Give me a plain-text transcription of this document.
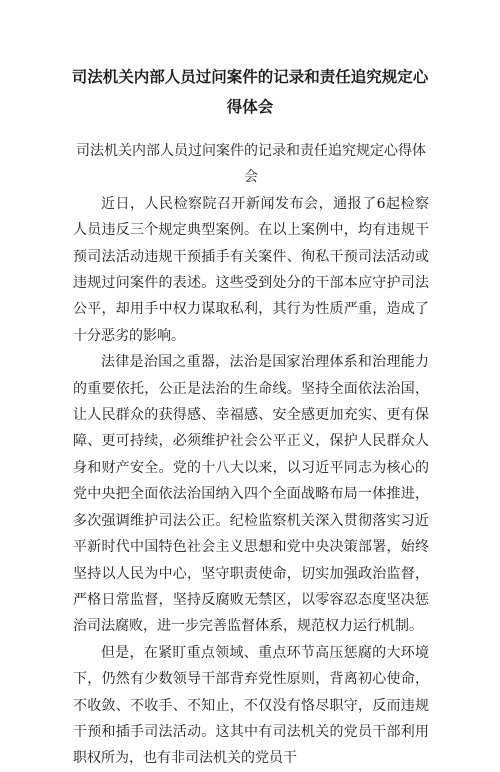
司法机关内部人员过问案件的记录和责任追究规定心得体会

司法机关内部人员过问案件的记录和责任追究规定心得体会

近日，人民检察院召开新闻发布会，通报了6起检察人员违反三个规定典型案例。在以上案例中，均有违规干预司法活动违规干预插手有关案件、徇私干预司法活动或违规过问案件的表述。这些受到处分的干部本应守护司法公平，却用手中权力谋取私利，其行为性质严重，造成了十分恶劣的影响。

法律是治国之重器，法治是国家治理体系和治理能力的重要依托，公正是法治的生命线。坚持全面依法治国，让人民群众的获得感、幸福感、安全感更加充实、更有保障、更可持续，必须维护社会公平正义，保护人民群众人身和财产安全。党的十八大以来，以习近平同志为核心的党中央把全面依法治国纳入四个全面战略布局一体推进，多次强调维护司法公正。纪检监察机关深入贯彻落实习近平新时代中国特色社会主义思想和党中央决策部署，始终坚持以人民为中心，坚守职责使命，切实加强政治监督，严格日常监督，坚持反腐败无禁区，以零容忍态度坚决惩治司法腐败，进一步完善监督体系，规范权力运行机制。

但是，在紧盯重点领域、重点环节高压惩腐的大环境下，仍然有少数领导干部背弃党性原则，背离初心使命，不收敛、不收手、不知止，不仅没有恪尽职守，反而违规干预和插手司法活动。这其中有司法机关的党员干部利用职权所为，也有非司法机关的党员干
